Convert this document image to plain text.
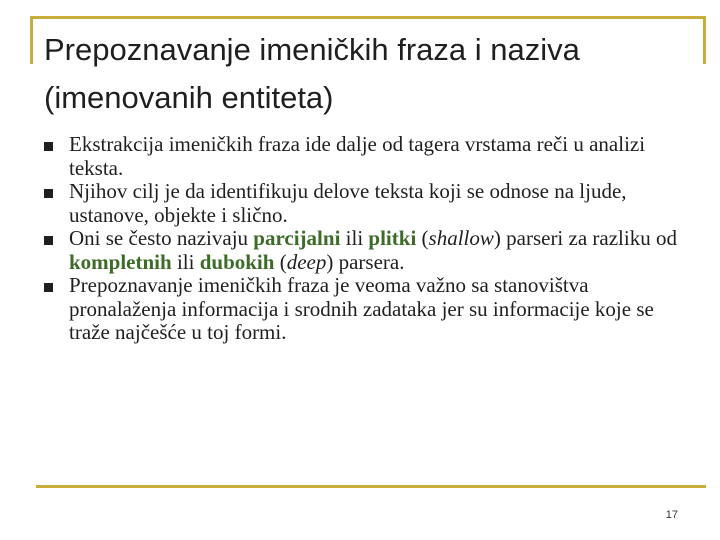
Prepoznavanje imeničkih fraza i naziva (imenovanih entiteta)
Ekstrakcija imeničkih fraza ide dalje od tagera vrstama reči u analizi teksta.
Njihov cilj je da identifikuju delove teksta koji se odnose na ljude, ustanove, objekte i slično.
Oni se često nazivaju parcijalni ili plitki (shallow) parseri za razliku od kompletnih ili dubokih (deep) parsera.
Prepoznavanje imeničkih fraza je veoma važno sa stanovištva pronalaženja informacija i srodnih zadataka jer su informacije koje se traže najčešće u toj formi.
17
